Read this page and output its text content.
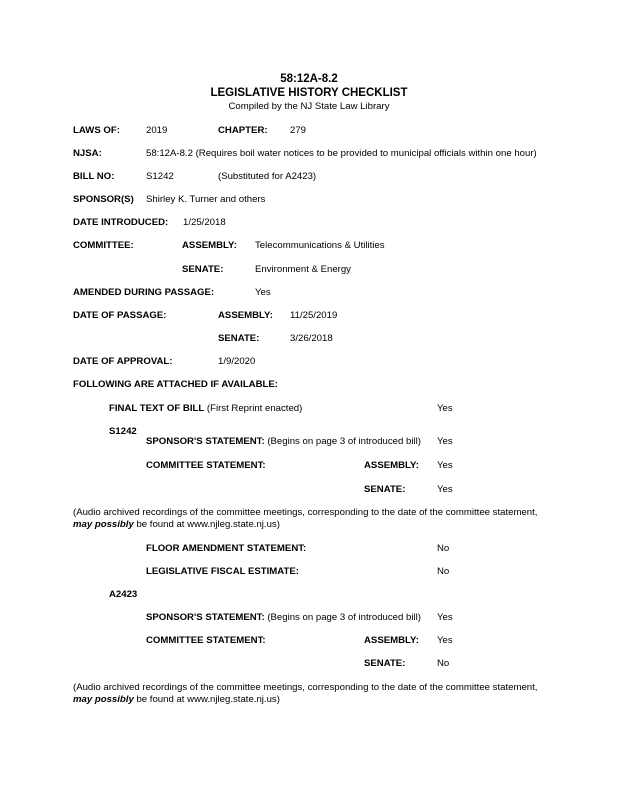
58:12A-8.2
LEGISLATIVE HISTORY CHECKLIST
Compiled by the NJ State Law Library
LAWS OF:	2019	CHAPTER: 279
NJSA:	58:12A-8.2 (Requires boil water notices to be provided to municipal officials within one hour)
BILL NO:	S1242	(Substituted for A2423)
SPONSOR(S) Shirley K. Turner and others
DATE INTRODUCED: 1/25/2018
COMMITTEE:	ASSEMBLY: Telecommunications & Utilities
SENATE:	Environment & Energy
AMENDED DURING PASSAGE:	Yes
DATE OF PASSAGE:	ASSEMBLY: 11/25/2019
SENATE:	3/26/2018
DATE OF APPROVAL:	1/9/2020
FOLLOWING ARE ATTACHED IF AVAILABLE:
FINAL TEXT OF BILL (First Reprint enacted)	Yes
S1242
SPONSOR'S STATEMENT: (Begins on page 3 of introduced bill) Yes
COMMITTEE STATEMENT:	ASSEMBLY: Yes
SENATE:	Yes
(Audio archived recordings of the committee meetings, corresponding to the date of the committee statement, may possibly be found at www.njleg.state.nj.us)
FLOOR AMENDMENT STATEMENT:	No
LEGISLATIVE FISCAL ESTIMATE:	No
A2423
SPONSOR'S STATEMENT: (Begins on page 3 of introduced bill) Yes
COMMITTEE STATEMENT:	ASSEMBLY: Yes
SENATE:	No
(Audio archived recordings of the committee meetings, corresponding to the date of the committee statement, may possibly be found at www.njleg.state.nj.us)
